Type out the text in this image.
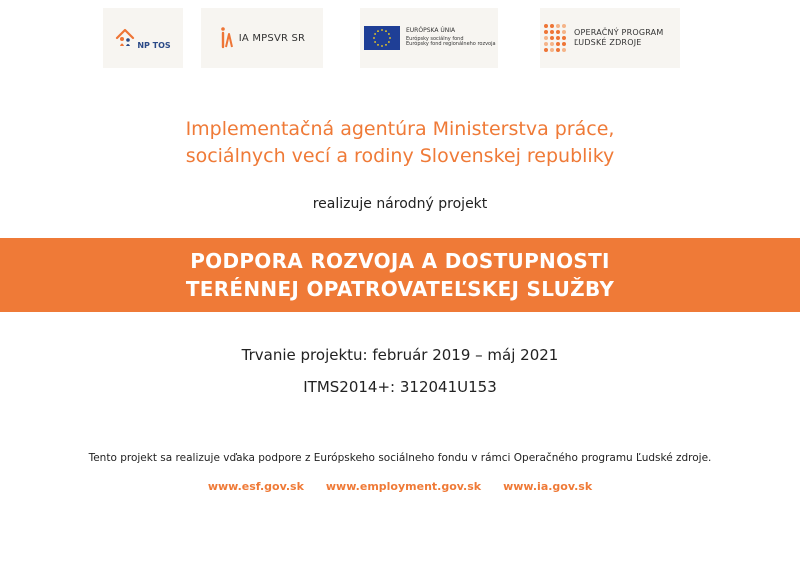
NP TOS
IA MPSVR SR
EURÓPSKA ÚNIA
Európsky sociálny fond
Európsky fond regionálneho rozvoja
OPERAČNÝ PROGRAM
ĽUDSKÉ ZDROJE
Implementačná agentúra Ministerstva práce,
sociálnych vecí a rodiny Slovenskej republiky
realizuje národný projekt
PODPORA ROZVOJA A DOSTUPNOSTI
TERÉNNEJ OPATROVATEĽSKEJ SLUŽBY
Trvanie projektu: február 2019 – máj 2021
ITMS2014+: 312041U153
Tento projekt sa realizuje vďaka podpore z Európskeho sociálneho fondu v rámci Operačného programu Ľudské zdroje.
www.esf.gov.sk www.employment.gov.sk www.ia.gov.sk
